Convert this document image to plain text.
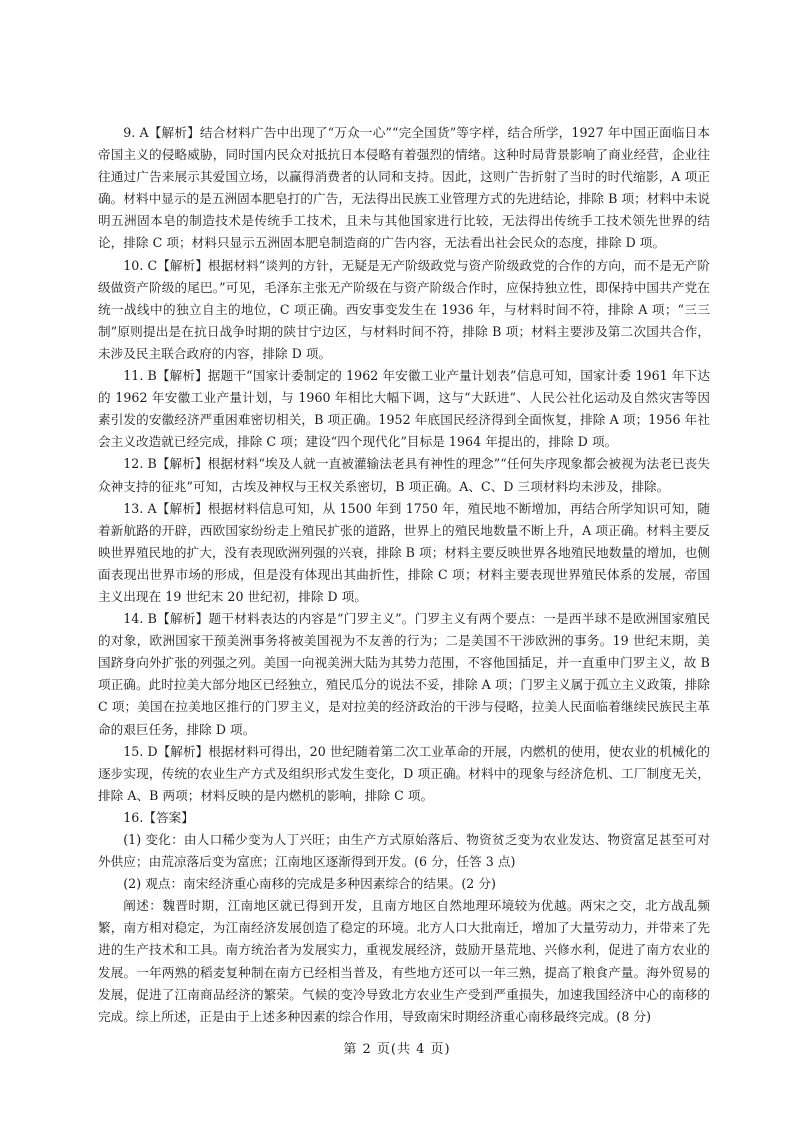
9. A【解析】结合材料广告中出现了“万众一心”“完全国货”等字样，结合所学，1927 年中国正面临日本帝国主义的侵略威胁，同时国内民众对抵抗日本侵略有着强烈的情绪。这种时局背景影响了商业经营，企业往往通过广告来展示其爱国立场，以赢得消费者的认同和支持。因此，这则广告折射了当时的时代缩影，A 项正确。材料中显示的是五洲固本肥皂打的广告，无法得出民族工业管理方式的先进结论，排除 B 项；材料中未说明五洲固本皂的制造技术是传统手工技术，且未与其他国家进行比较，无法得出传统手工技术领先世界的结论，排除 C 项；材料只显示五洲固本肥皂制造商的广告内容，无法看出社会民众的态度，排除 D 项。

10. C【解析】根据材料“谈判的方针，无疑是无产阶级政党与资产阶级政党的合作的方向，而不是无产阶级做资产阶级的尾巴。”可见，毛泽东主张无产阶级在与资产阶级合作时，应保持独立性，即保持中国共产党在统一战线中的独立自主的地位，C 项正确。西安事变发生在 1936 年，与材料时间不符，排除 A 项；“三三制”原则提出是在抗日战争时期的陕甘宁边区，与材料时间不符，排除 B 项；材料主要涉及第二次国共合作，未涉及民主联合政府的内容，排除 D 项。

11. B【解析】据题干“国家计委制定的 1962 年安徽工业产量计划表”信息可知，国家计委 1961 年下达的 1962 年安徽工业产量计划，与 1960 年相比大幅下调，这与“大跃进”、人民公社化运动及自然灾害等因素引发的安徽经济严重困难密切相关，B 项正确。1952 年底国民经济得到全面恢复，排除 A 项；1956 年社会主义改造就已经完成，排除 C 项；建设“四个现代化”目标是 1964 年提出的，排除 D 项。

12. B【解析】根据材料“埃及人就一直被灌输法老具有神性的理念”“任何失序现象都会被视为法老已丧失众神支持的征兆”可知，古埃及神权与王权关系密切，B 项正确。A、C、D 三项材料均未涉及，排除。

13. A【解析】根据材料信息可知，从 1500 年到 1750 年，殖民地不断增加，再结合所学知识可知，随着新航路的开辟，西欧国家纷纷走上殖民扩张的道路，世界上的殖民地数量不断上升，A 项正确。材料主要反映世界殖民地的扩大，没有表现欧洲列强的兴衰，排除 B 项；材料主要反映世界各地殖民地数量的增加，也侧面表现出世界市场的形成，但是没有体现出其曲折性，排除 C 项；材料主要表现世界殖民体系的发展，帝国主义出现在 19 世纪末 20 世纪初，排除 D 项。

14. B【解析】题干材料表达的内容是“门罗主义”。门罗主义有两个要点：一是西半球不是欧洲国家殖民的对象，欧洲国家干预美洲事务将被美国视为不友善的行为；二是美国不干涉欧洲的事务。19 世纪末期，美国跻身向外扩张的列强之列。美国一向视美洲大陆为其势力范围，不容他国插足，并一直重申门罗主义，故 B 项正确。此时拉美大部分地区已经独立，殖民瓜分的说法不妥，排除 A 项；门罗主义属于孤立主义政策，排除 C 项；美国在拉美地区推行的门罗主义，是对拉美的经济政治的干涉与侵略，拉美人民面临着继续民族民主革命的艰巨任务，排除 D 项。

15. D【解析】根据材料可得出，20 世纪随着第二次工业革命的开展，内燃机的使用，使农业的机械化的逐步实现，传统的农业生产方式及组织形式发生变化，D 项正确。材料中的现象与经济危机、工厂制度无关，排除 A、B 两项；材料反映的是内燃机的影响，排除 C 项。

16.【答案】

(1) 变化：由人口稀少变为人丁兴旺；由生产方式原始落后、物资贫乏变为农业发达、物资富足甚至可对外供应；由荒凉落后变为富庶；江南地区逐渐得到开发。(6 分，任答 3 点)

(2) 观点：南宋经济重心南移的完成是多种因素综合的结果。(2 分)

阐述：魏晋时期，江南地区就已得到开发，且南方地区自然地理环境较为优越。两宋之交，北方战乱频繁，南方相对稳定，为江南经济发展创造了稳定的环境。北方人口大批南迁，增加了大量劳动力，并带来了先进的生产技术和工具。南方统治者为发展实力，重视发展经济，鼓励开垦荒地、兴修水利，促进了南方农业的发展。一年两熟的稻麦复种制在南方已经相当普及，有些地方还可以一年三熟，提高了粮食产量。海外贸易的发展，促进了江南商品经济的繁荣。气候的变冷导致北方农业生产受到严重损失，加速我国经济中心的南移的完成。综上所述，正是由于上述多种因素的综合作用，导致南宋时期经济重心南移最终完成。(8 分)

第 2 页(共 4 页)
